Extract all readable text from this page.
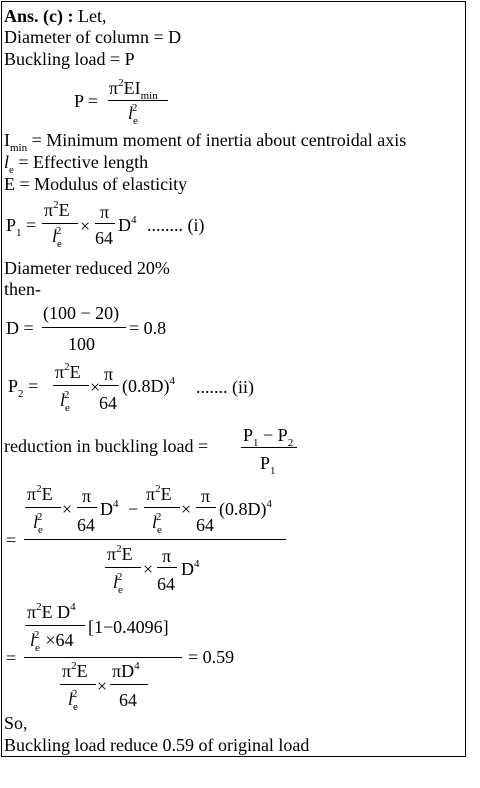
Ans. (c) : Let,
Diameter of column = D
Buckling load = P
P =
$\pi^2EI_{min}$
$l_e^2$
$I_{min}$ = Minimum moment of inertia about centroidal axis
$l_e$ = Effective length
E = Modulus of elasticity
$P_1$ =
$\pi^2E$
$l_e^2$	×
π
64
$D^4$ ........ (i)
Diameter reduced 20%
then-
D =
(100 − 20)
100
= 0.8
$P_2$ =
$\pi^2E$
$l_e^2$	×
π
64
$(0.8D)^4$ ....... (ii)
reduction in buckling load =
$P_1 - P_2$
$P_1$
=
$\pi^2E$
$l_e^2$	×
π
64
$D^4$ −
$\pi^2E$
$l_e^2$	×
π
64
$(0.8D)^4$
$\pi^2E$
$l_e^2$	×
π
64
$D^4$
=
$\pi^2E$ $D^4$
$l_e^2 \times 64$
[1−0.4096]
$\pi^2E$
$l_e^2$	×
$\pi D^4$
64
= 0.59
So,
Buckling load reduce 0.59 of original load
